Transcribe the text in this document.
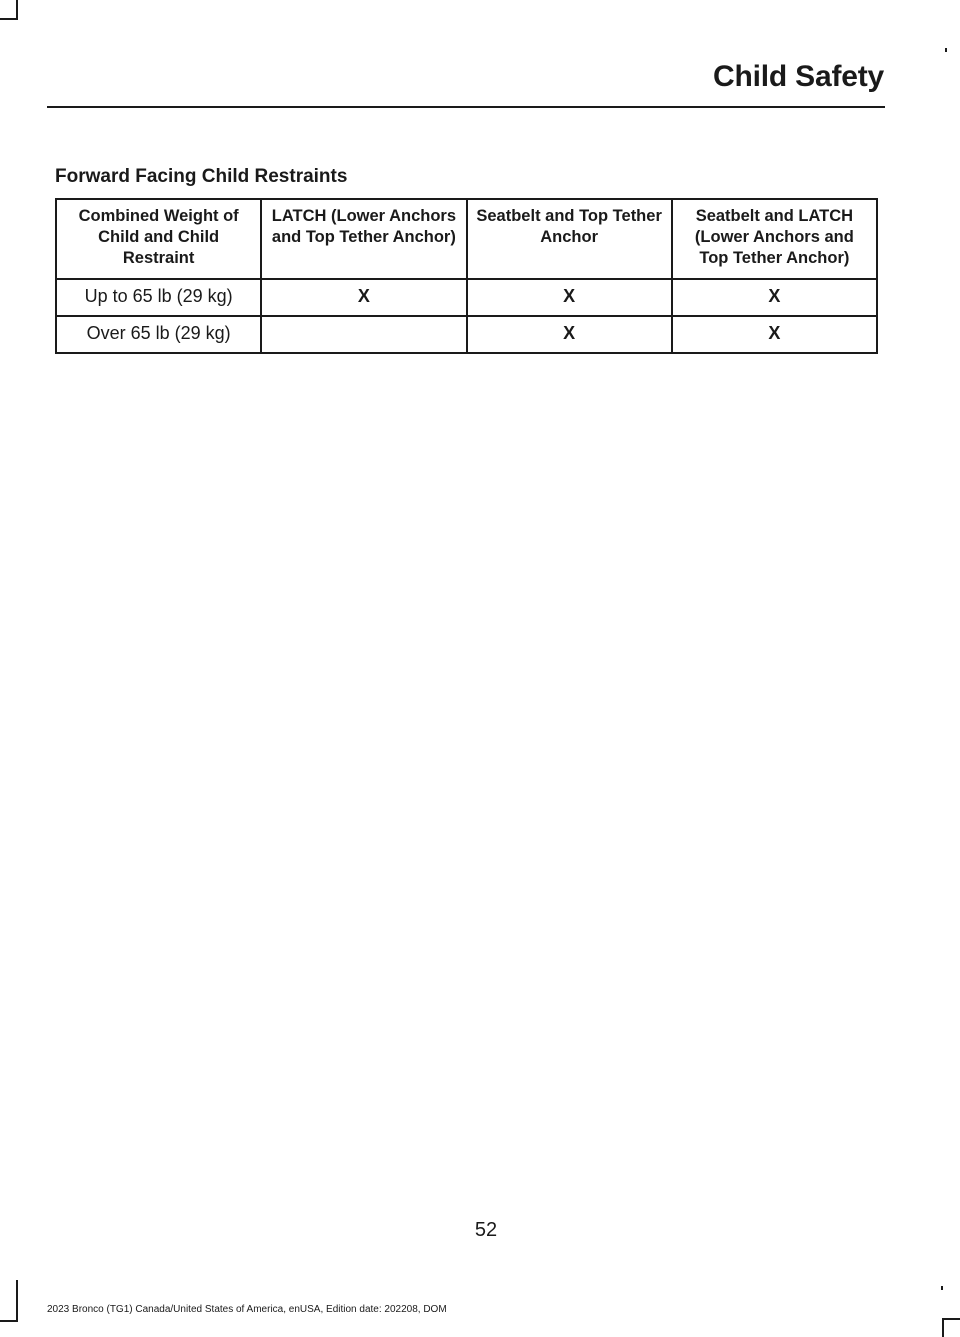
Child Safety
Forward Facing Child Restraints
Combined Weight of Child and Child Restraint	LATCH (Lower Anchors and Top Tether Anchor)	Seatbelt and Top Tether Anchor	Seatbelt and LATCH (Lower Anchors and Top Tether Anchor)
Up to 65 lb (29 kg)	X	X	X
Over 65 lb (29 kg)		X	X
52
2023 Bronco (TG1) Canada/United States of America, enUSA, Edition date: 202208, DOM
